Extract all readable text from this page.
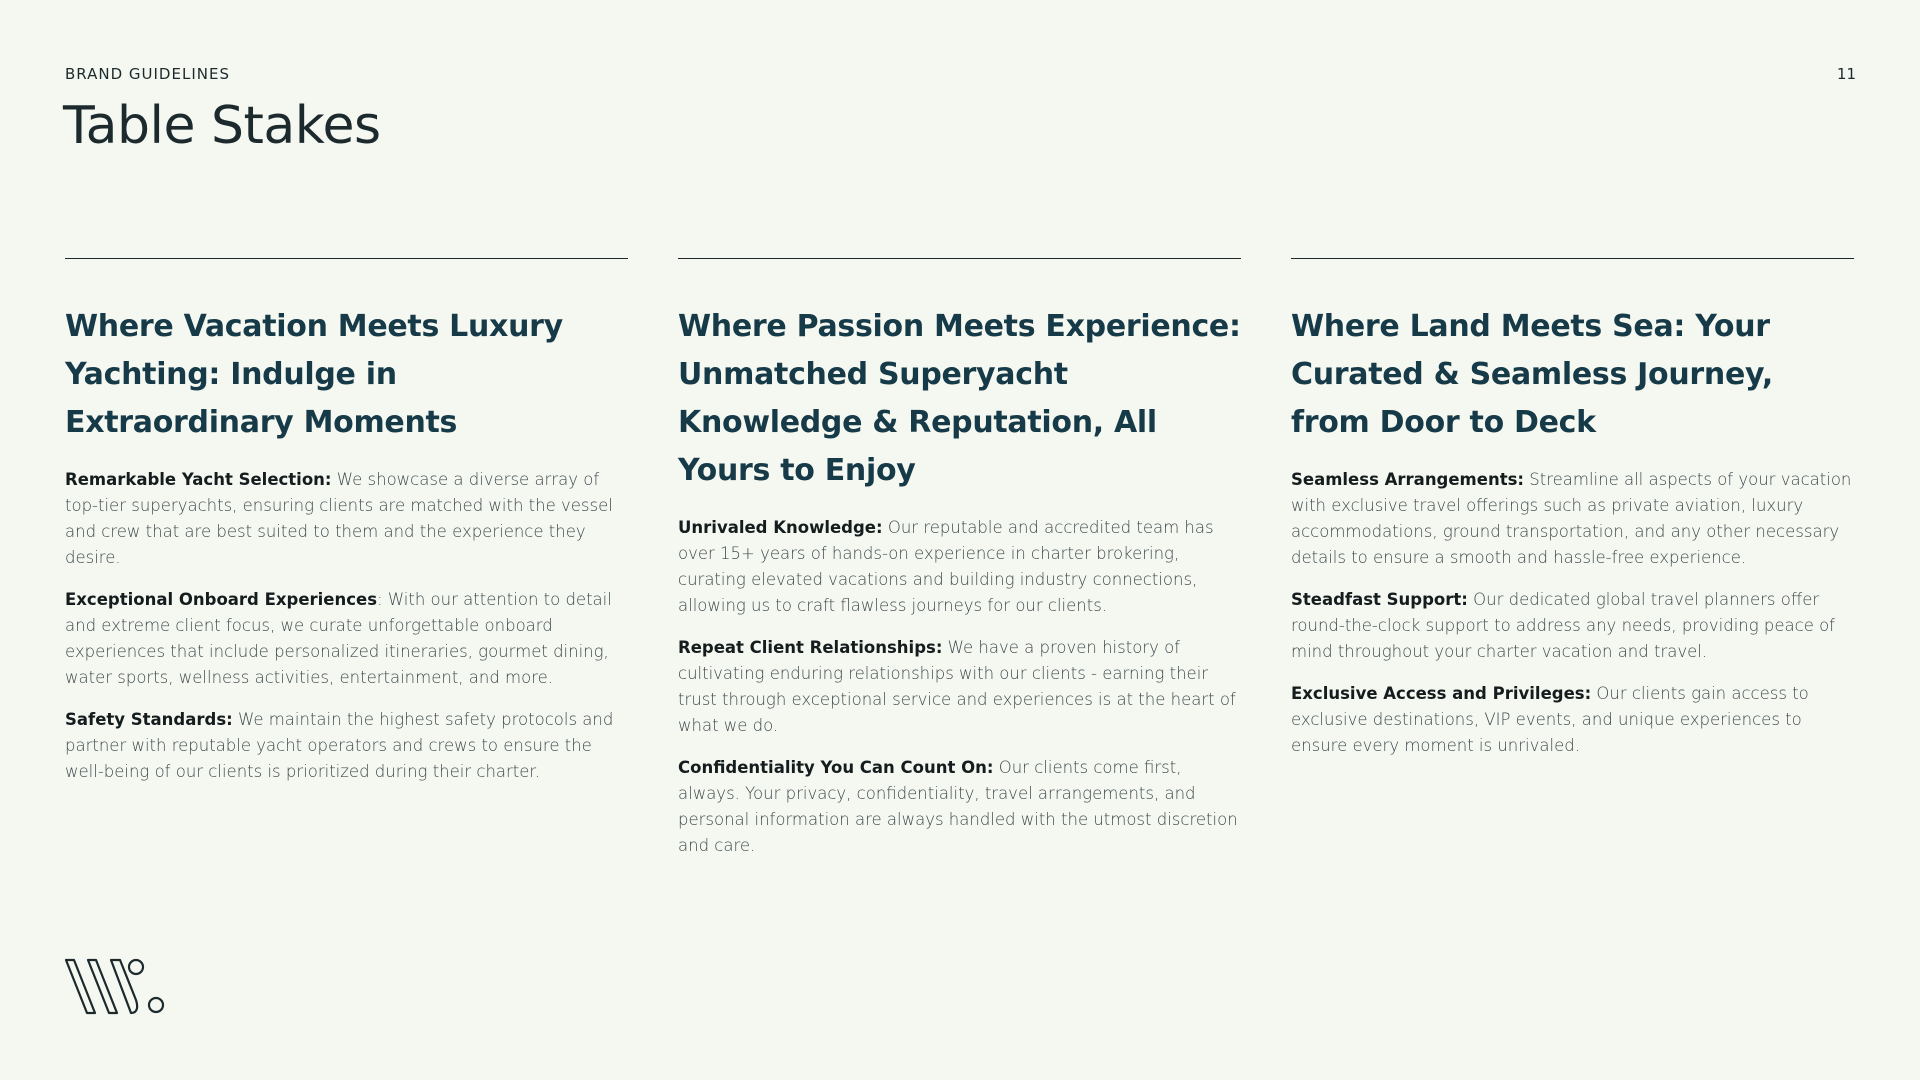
BRAND GUIDELINES	11
Table Stakes
Where Vacation Meets Luxury Yachting: Indulge in Extraordinary Moments

Remarkable Yacht Selection: We showcase a diverse array of top-tier superyachts, ensuring clients are matched with the vessel and crew that are best suited to them and the experience they desire.

Exceptional Onboard Experiences: With our attention to detail and extreme client focus, we curate unforgettable onboard experiences that include personalized itineraries, gourmet dining, water sports, wellness activities, entertainment, and more.

Safety Standards: We maintain the highest safety protocols and partner with reputable yacht operators and crews to ensure the well-being of our clients is prioritized during their charter.

Where Passion Meets Experience: Unmatched Superyacht Knowledge & Reputation, All Yours to Enjoy

Unrivaled Knowledge: Our reputable and accredited team has over 15+ years of hands-on experience in charter brokering, curating elevated vacations and building industry connections, allowing us to craft flawless journeys for our clients.

Repeat Client Relationships: We have a proven history of cultivating enduring relationships with our clients - earning their trust through exceptional service and experiences is at the heart of what we do.

Confidentiality You Can Count On: Our clients come first, always. Your privacy, confidentiality, travel arrangements, and personal information are always handled with the utmost discretion and care.

Where Land Meets Sea: Your Curated & Seamless Journey, from Door to Deck

Seamless Arrangements: Streamline all aspects of your vacation with exclusive travel offerings such as private aviation, luxury accommodations, ground transportation, and any other necessary details to ensure a smooth and hassle-free experience.

Steadfast Support: Our dedicated global travel planners offer round-the-clock support to address any needs, providing peace of mind throughout your charter vacation and travel.

Exclusive Access and Privileges: Our clients gain access to exclusive destinations, VIP events, and unique experiences to ensure every moment is unrivaled.
